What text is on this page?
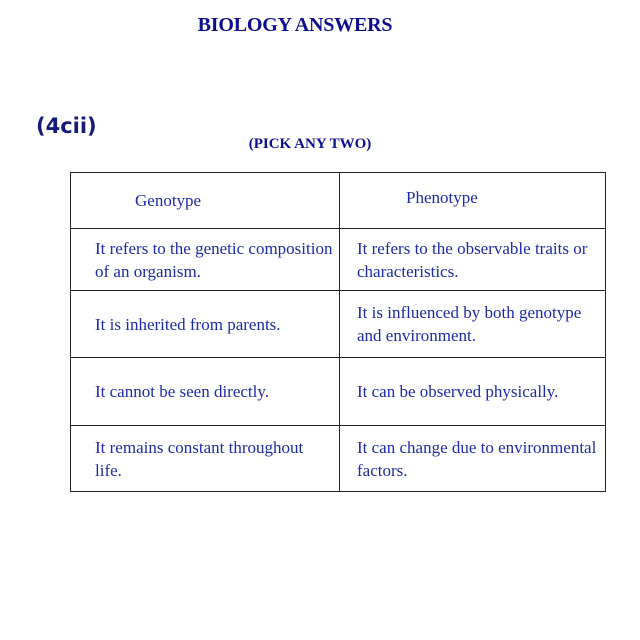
BIOLOGY ANSWERS
(4cii)
(PICK ANY TWO)
Genotype	Phenotype
It refers to the genetic composition of an organism.	It refers to the observable traits or characteristics.
It is inherited from parents.	It is influenced by both genotype and environment.
It cannot be seen directly.	It can be observed physically.
It remains constant throughout life.	It can change due to environmental factors.
